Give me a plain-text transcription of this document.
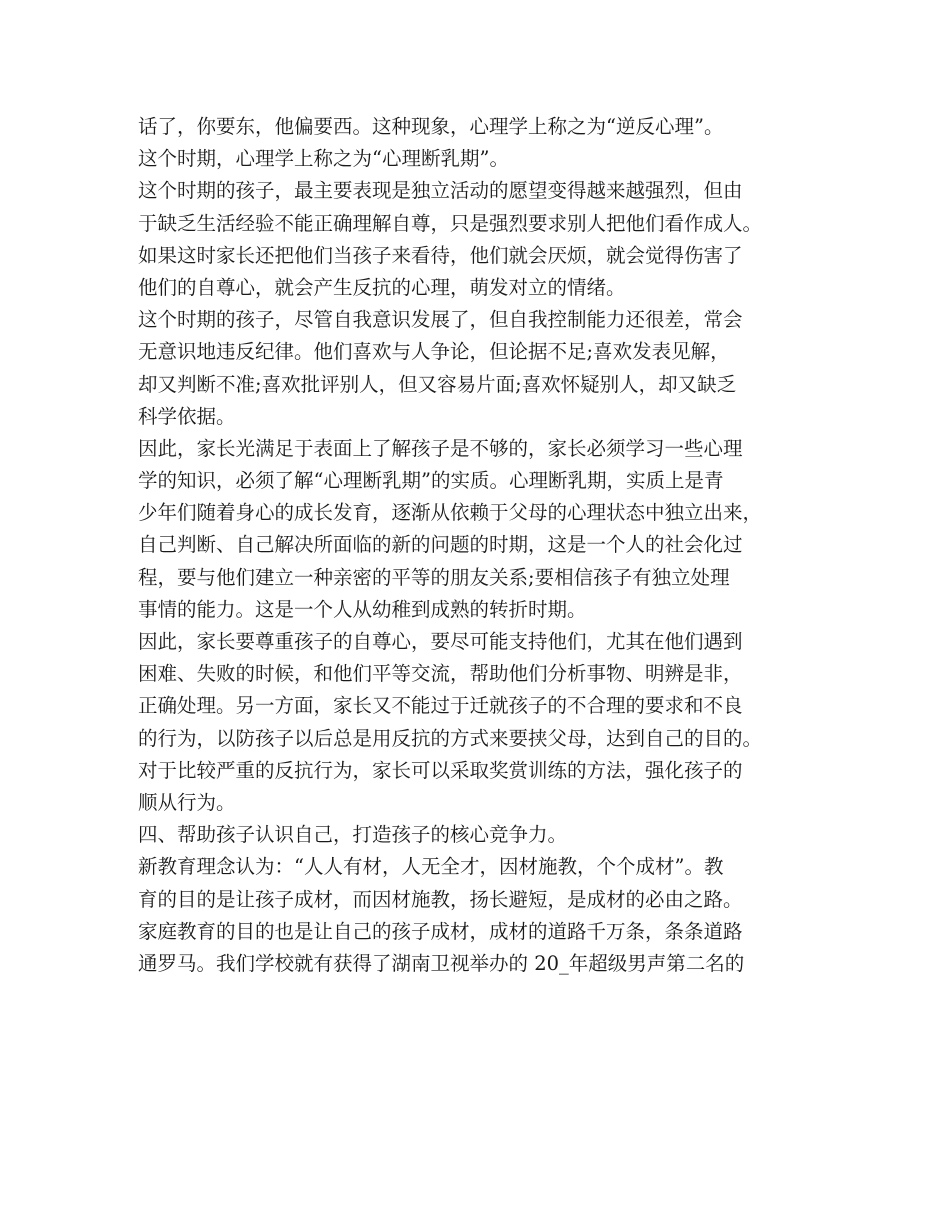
话了，你要东，他偏要西。这种现象，心理学上称之为“逆反心理”。
这个时期，心理学上称之为“心理断乳期”。
这个时期的孩子，最主要表现是独立活动的愿望变得越来越强烈，但由
于缺乏生活经验不能正确理解自尊，只是强烈要求别人把他们看作成人。
如果这时家长还把他们当孩子来看待，他们就会厌烦，就会觉得伤害了
他们的自尊心，就会产生反抗的心理，萌发对立的情绪。
这个时期的孩子，尽管自我意识发展了，但自我控制能力还很差，常会
无意识地违反纪律。他们喜欢与人争论，但论据不足;喜欢发表见解，
却又判断不准;喜欢批评别人，但又容易片面;喜欢怀疑别人，却又缺乏
科学依据。
因此，家长光满足于表面上了解孩子是不够的，家长必须学习一些心理
学的知识，必须了解“心理断乳期”的实质。心理断乳期，实质上是青
少年们随着身心的成长发育，逐渐从依赖于父母的心理状态中独立出来，
自己判断、自己解决所面临的新的问题的时期，这是一个人的社会化过
程，要与他们建立一种亲密的平等的朋友关系;要相信孩子有独立处理
事情的能力。这是一个人从幼稚到成熟的转折时期。
因此，家长要尊重孩子的自尊心，要尽可能支持他们，尤其在他们遇到
困难、失败的时候，和他们平等交流，帮助他们分析事物、明辨是非，
正确处理。另一方面，家长又不能过于迁就孩子的不合理的要求和不良
的行为，以防孩子以后总是用反抗的方式来要挟父母，达到自己的目的。
对于比较严重的反抗行为，家长可以采取奖赏训练的方法，强化孩子的
顺从行为。
四、帮助孩子认识自己，打造孩子的核心竞争力。
新教育理念认为：“人人有材，人无全才，因材施教，个个成材”。教
育的目的是让孩子成材，而因材施教，扬长避短，是成材的必由之路。
家庭教育的目的也是让自己的孩子成材，成材的道路千万条，条条道路
通罗马。我们学校就有获得了湖南卫视举办的 20_年超级男声第二名的
